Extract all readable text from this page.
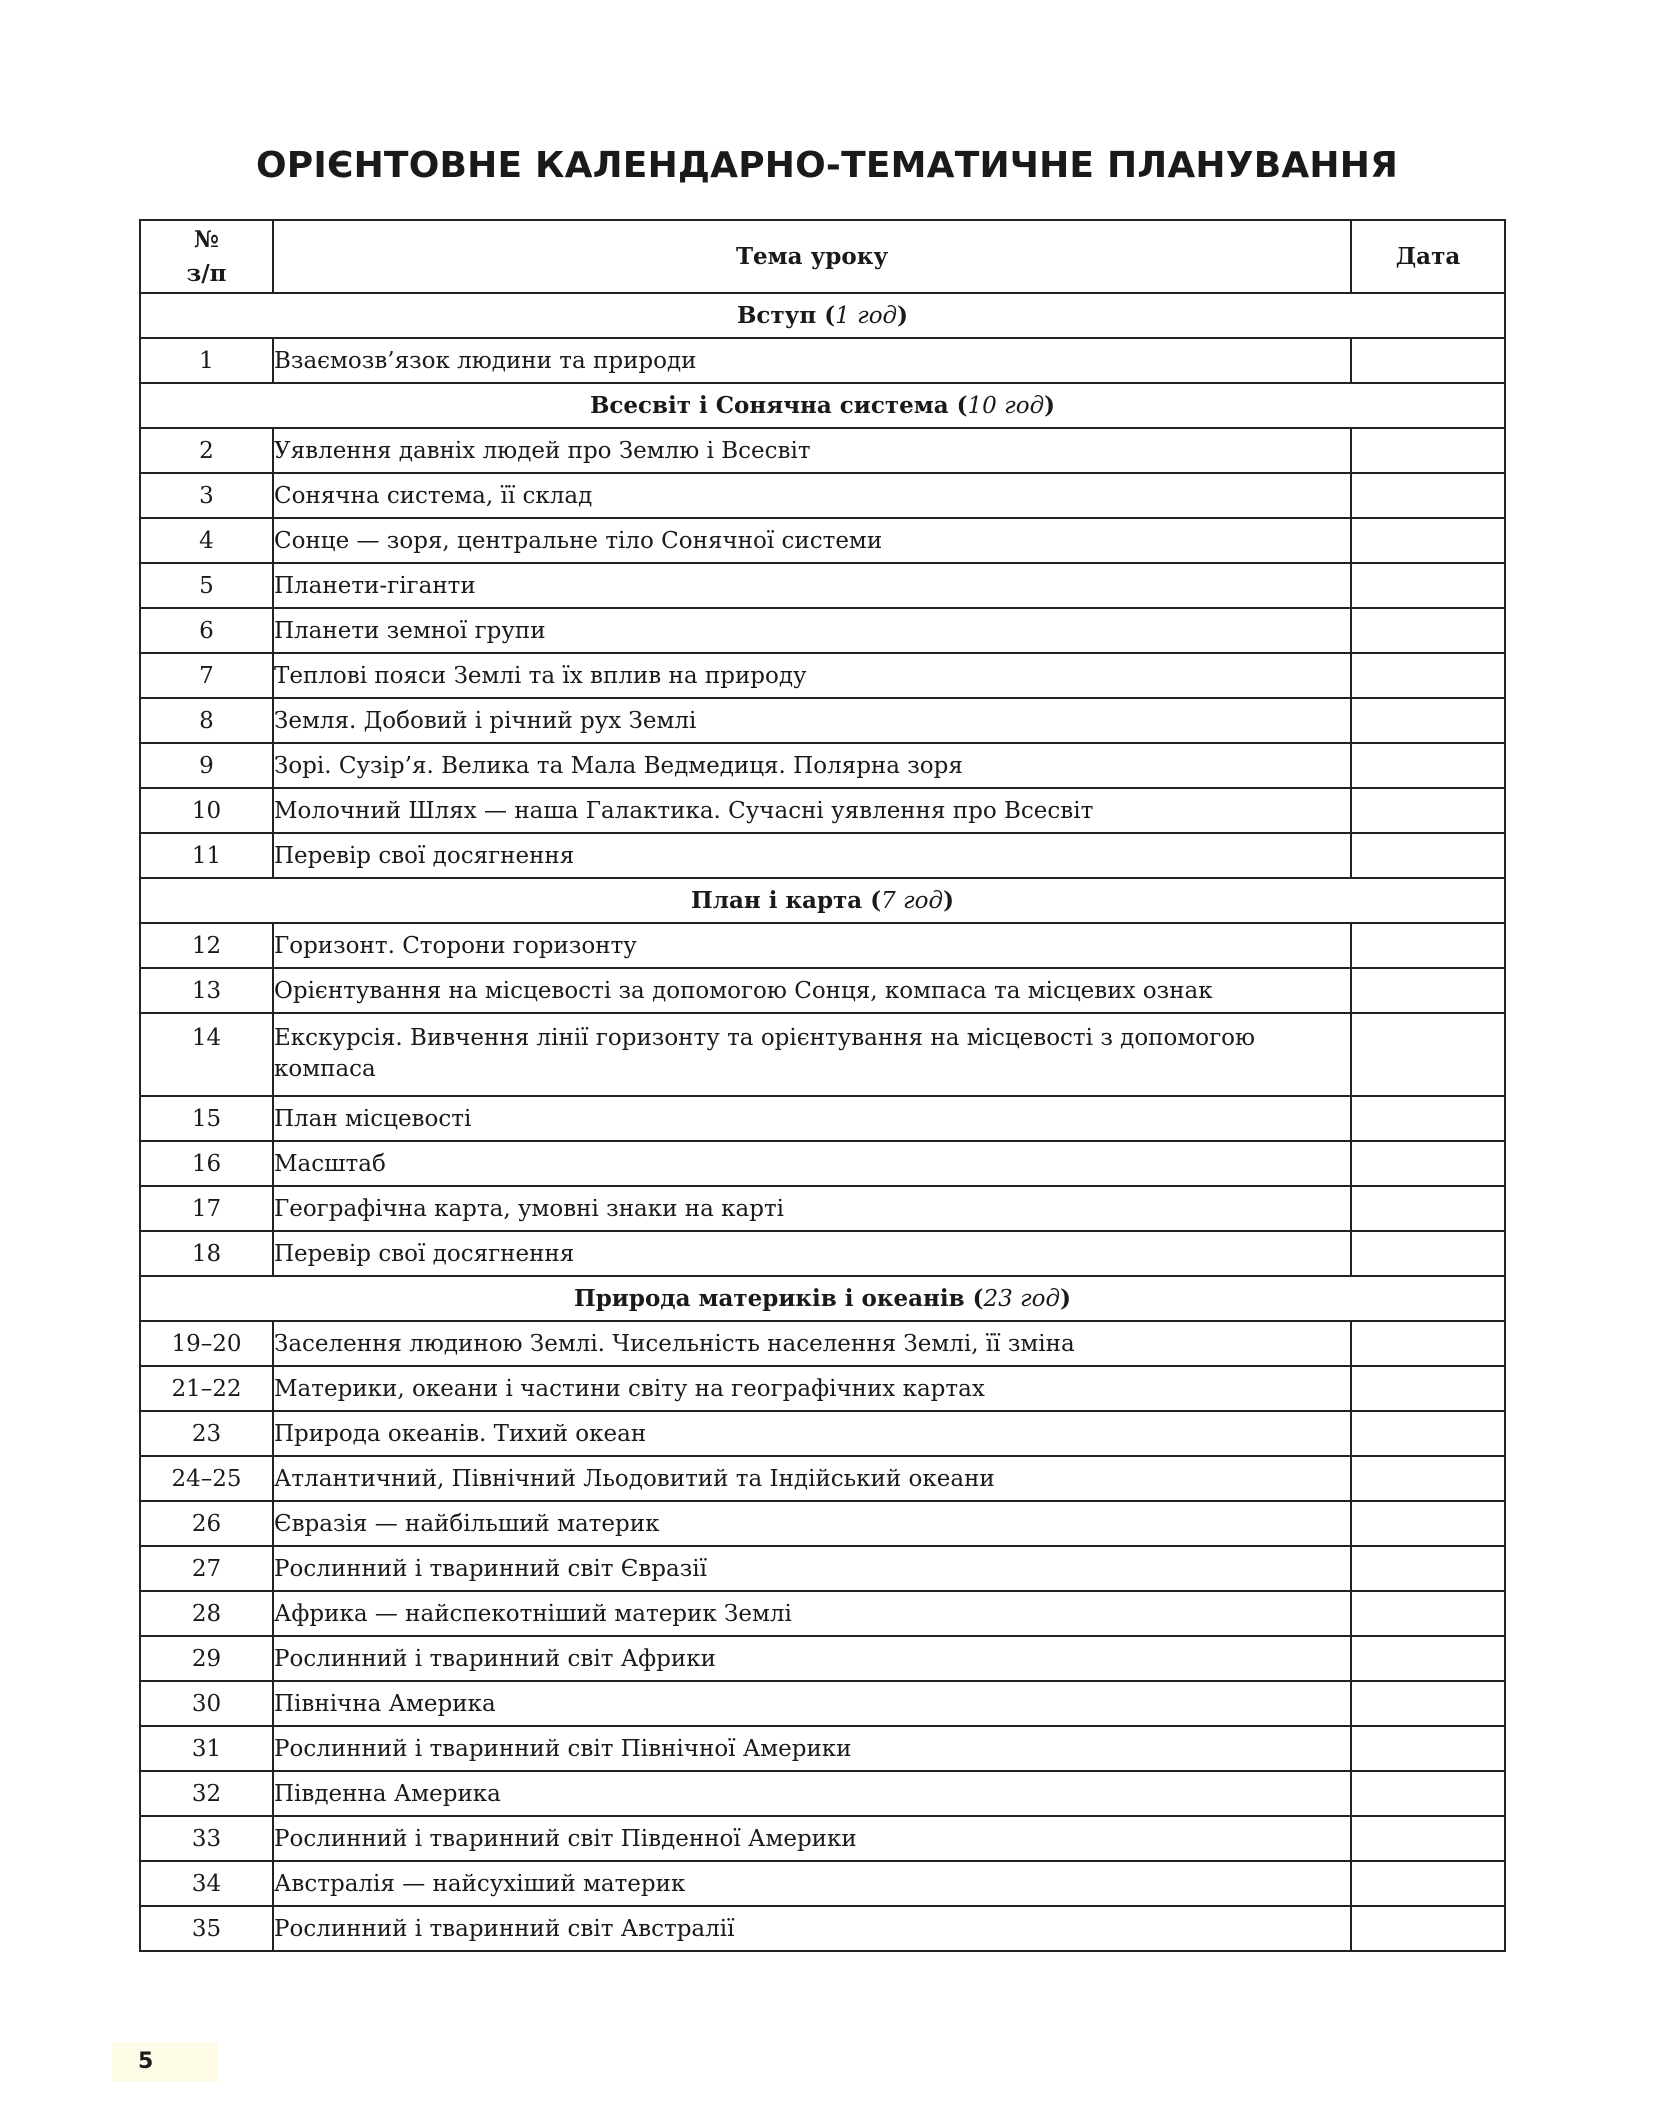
ОРІЄНТОВНЕ КАЛЕНДАРНО-ТЕМАТИЧНЕ ПЛАНУВАННЯ
№
з/п	Тема уроку	Дата
Вступ (1 год)		
1	Взаємозв’язок людини та природи	
Всесвіт і Сонячна система (10 год)		
2	Уявлення давніх людей про Землю і Всесвіт	
3	Сонячна система, її склад	
4	Сонце — зоря, центральне тіло Сонячної системи	
5	Планети-гіганти	
6	Планети земної групи	
7	Теплові пояси Землі та їх вплив на природу	
8	Земля. Добовий і річний рух Землі	
9	Зорі. Сузір’я. Велика та Мала Ведмедиця. Полярна зоря	
10	Молочний Шлях — наша Галактика. Сучасні уявлення про Всесвіт	
11	Перевір свої досягнення	
План і карта (7 год)		
12	Горизонт. Сторони горизонту	
13	Орієнтування на місцевості за допомогою Сонця, компаса та місцевих ознак	
14	Екскурсія. Вивчення лінії горизонту та орієнтування на місцевості з допомогою компаса	
15	План місцевості	
16	Масштаб	
17	Географічна карта, умовні знаки на карті	
18	Перевір свої досягнення	
Природа материків і океанів (23 год)		
19–20	Заселення людиною Землі. Чисельність населення Землі, її зміна	
21–22	Материки, океани і частини світу на географічних картах	
23	Природа океанів. Тихий океан	
24–25	Атлантичний, Північний Льодовитий та Індійський океани	
26	Євразія — найбільший материк	
27	Рослинний і тваринний світ Євразії	
28	Африка — найспекотніший материк Землі	
29	Рослинний і тваринний світ Африки	
30	Північна Америка	
31	Рослинний і тваринний світ Північної Америки	
32	Південна Америка	
33	Рослинний і тваринний світ Південної Америки	
34	Австралія — найсухіший материк	
35	Рослинний і тваринний світ Австралії	
5
